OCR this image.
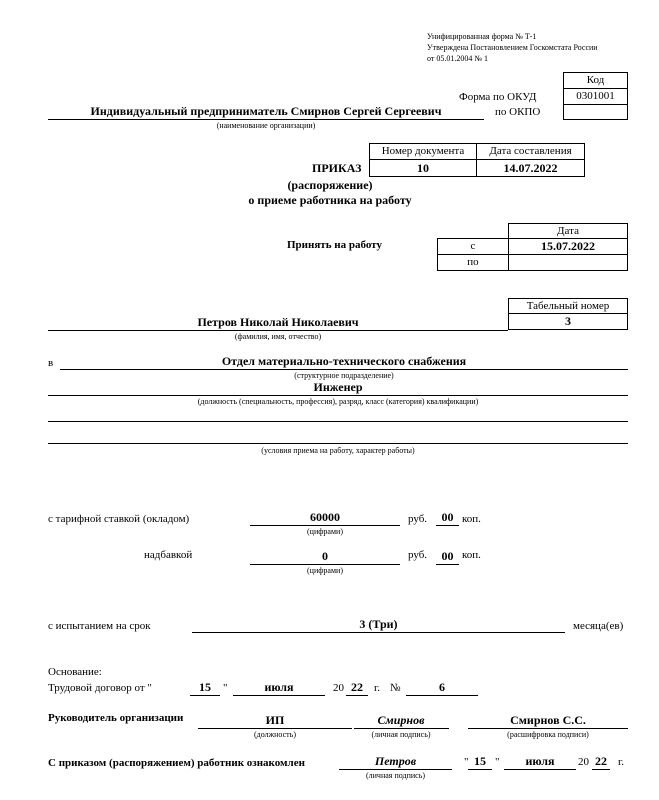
Унифицированная форма № Т-1
Утверждена Постановлением Госкомстата России
от 05.01.2004 № 1
Код
0301001
Форма по ОКУД
по ОКПО
Индивидуальный предприниматель Смирнов Сергей Сергеевич
(наименование организации)
Номер документа	Дата составления
10	14.07.2022
ПРИКАЗ
(распоряжение)
о приеме работника на работу
Дата
с	15.07.2022
по
Принять на работу
Табельный номер
3
Петров Николай Николаевич
(фамилия, имя, отчество)
в	Отдел материально-технического снабжения
(структурное подразделение)
Инженер
(должность (специальность, профессия), разряд, класс (категория) квалификации)
(условия приема на работу, характер работы)
с тарифной ставкой (окладом)	60000
(цифрами)
руб.	00 коп.
надбавкой	0
(цифрами)
руб.	00 коп.
с испытанием на срок	3 (Три)	месяца(ев)
Основание:
Трудовой договор от "	15	"	июля	20 22	г. №	6
Руководитель организации	ИП
(должность)
Смирнов
(личная подпись)
Смирнов С.С.
(расшифровка подписи)
С приказом (распоряжением) работник ознакомлен	Петров
(личная подпись)
" 15 "	июля	20 22 г.
